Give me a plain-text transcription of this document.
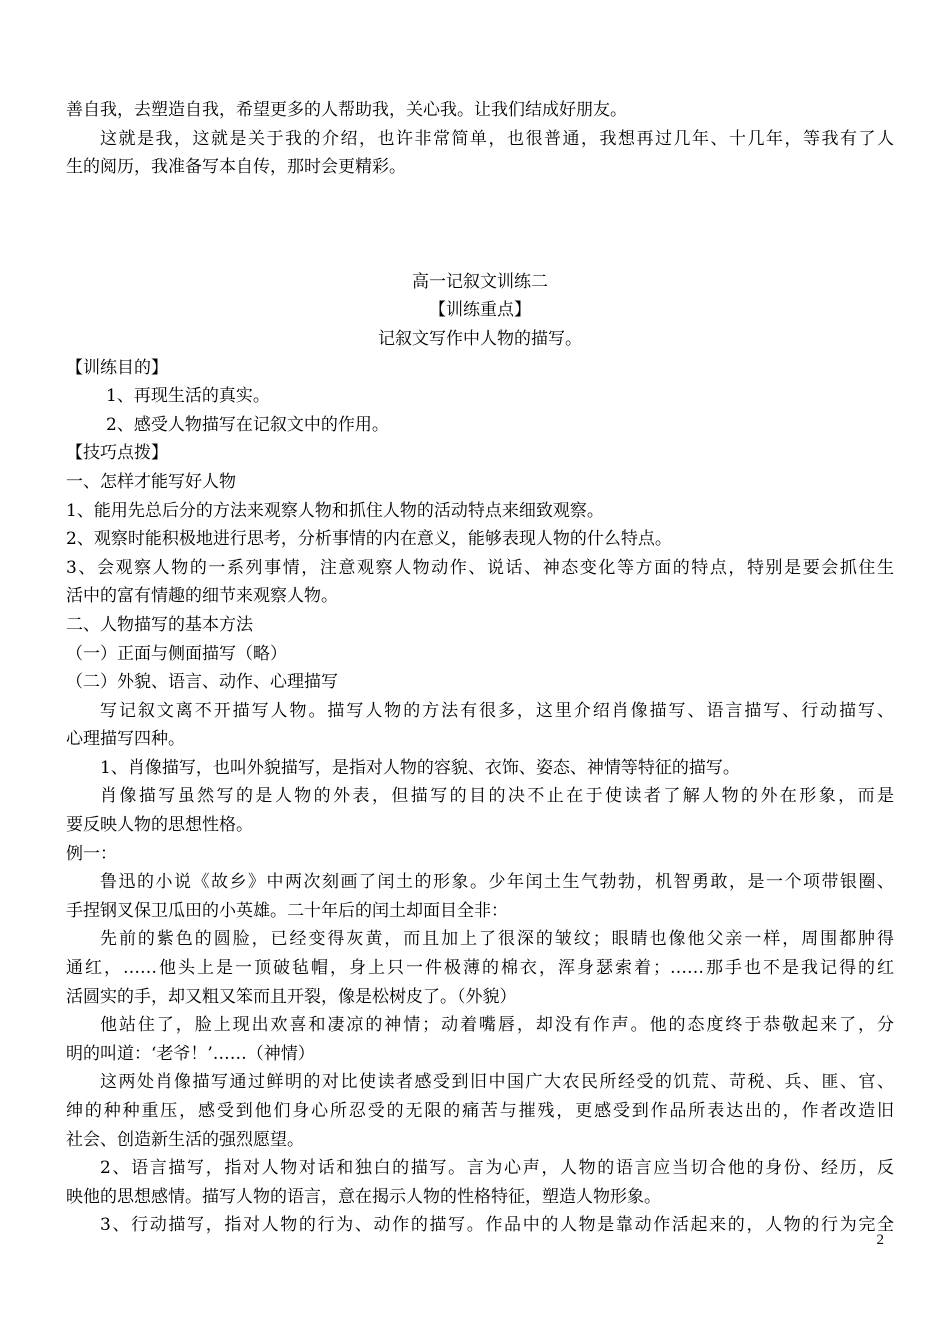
善自我，去塑造自我，希望更多的人帮助我，关心我。让我们结成好朋友。
这就是我，这就是关于我的介绍，也许非常简单，也很普通，我想再过几年、十几年，等我有了人
生的阅历，我准备写本自传，那时会更精彩。
高一记叙文训练二
【训练重点】
记叙文写作中人物的描写。
【训练目的】
1、再现生活的真实。
2、感受人物描写在记叙文中的作用。
【技巧点拨】
一、怎样才能写好人物
1、能用先总后分的方法来观察人物和抓住人物的活动特点来细致观察。
2、观察时能积极地进行思考，分析事情的内在意义，能够表现人物的什么特点。
3、会观察人物的一系列事情，注意观察人物动作、说话、神态变化等方面的特点，特别是要会抓住生
活中的富有情趣的细节来观察人物。
二、人物描写的基本方法
（一）正面与侧面描写（略）
（二）外貌、语言、动作、心理描写
写记叙文离不开描写人物。描写人物的方法有很多，这里介绍肖像描写、语言描写、行动描写、
心理描写四种。
1、肖像描写，也叫外貌描写，是指对人物的容貌、衣饰、姿态、神情等特征的描写。
肖像描写虽然写的是人物的外表，但描写的目的决不止在于使读者了解人物的外在形象，而是
要反映人物的思想性格。
例一：
鲁迅的小说《故乡》中两次刻画了闰土的形象。少年闰土生气勃勃，机智勇敢，是一个项带银圈、
手捏钢叉保卫瓜田的小英雄。二十年后的闰土却面目全非：
先前的紫色的圆脸，已经变得灰黄，而且加上了很深的皱纹；眼睛也像他父亲一样，周围都肿得
通红，……他头上是一顶破毡帽，身上只一件极薄的棉衣，浑身瑟索着；……那手也不是我记得的红
活圆实的手，却又粗又笨而且开裂，像是松树皮了。（外貌）
他站住了，脸上现出欢喜和凄凉的神情；动着嘴唇，却没有作声。他的态度终于恭敬起来了，分
明的叫道：‘老爷！’……（神情）
这两处肖像描写通过鲜明的对比使读者感受到旧中国广大农民所经受的饥荒、苛税、兵、匪、官、
绅的种种重压，感受到他们身心所忍受的无限的痛苦与摧残，更感受到作品所表达出的，作者改造旧
社会、创造新生活的强烈愿望。
2、语言描写，指对人物对话和独白的描写。言为心声，人物的语言应当切合他的身份、经历，反
映他的思想感情。描写人物的语言，意在揭示人物的性格特征，塑造人物形象。
3、行动描写，指对人物的行为、动作的描写。作品中的人物是靠动作活起来的，人物的行为完全
2
